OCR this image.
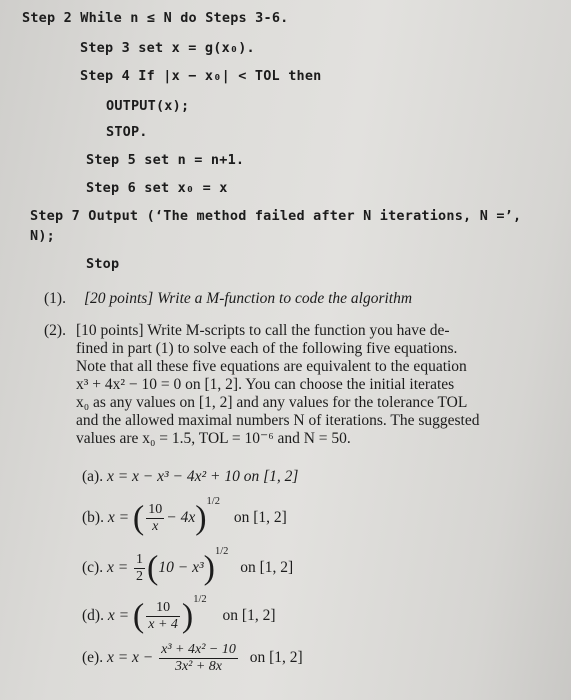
Step 2 While n ≤ N do Steps 3-6.
Step 3 set x = g(x₀).
Step 4 If |x − x₀| < TOL then
OUTPUT(x);
STOP.
Step 5 set n = n+1.
Step 6 set x₀ = x
Step 7 Output (‘The method failed after N iterations, N =’,
N);
Stop
(1). [20 points] Write a M-function to code the algorithm
(2). [10 points] Write M-scripts to call the function you have de-
fined in part (1) to solve each of the following five equations.
Note that all these five equations are equivalent to the equation
x³ + 4x² − 10 = 0 on [1, 2]. You can choose the initial iterates
x₀ as any values on [1, 2] and any values for the tolerance TOL
and the allowed maximal numbers N of iterations. The suggested
values are x₀ = 1.5, TOL = 10⁻⁶ and N = 50.
(a). x = x − x³ − 4x² + 10 on [1, 2]
(b). x = ( $\frac{10}{x} - 4x)^{1/2}$ on [1, 2]
(c). $x = \frac{1}{2} (10 - x^3)^{1/2}$ on [1, 2]
(d). x = ( $\frac{10}{x + 4} )^{1/2}$ on [1, 2]
(e). $x = x - \frac{\text{x³ + 4x² − 10}}{\text{3x² + 8x}}$ on [1, 2]
